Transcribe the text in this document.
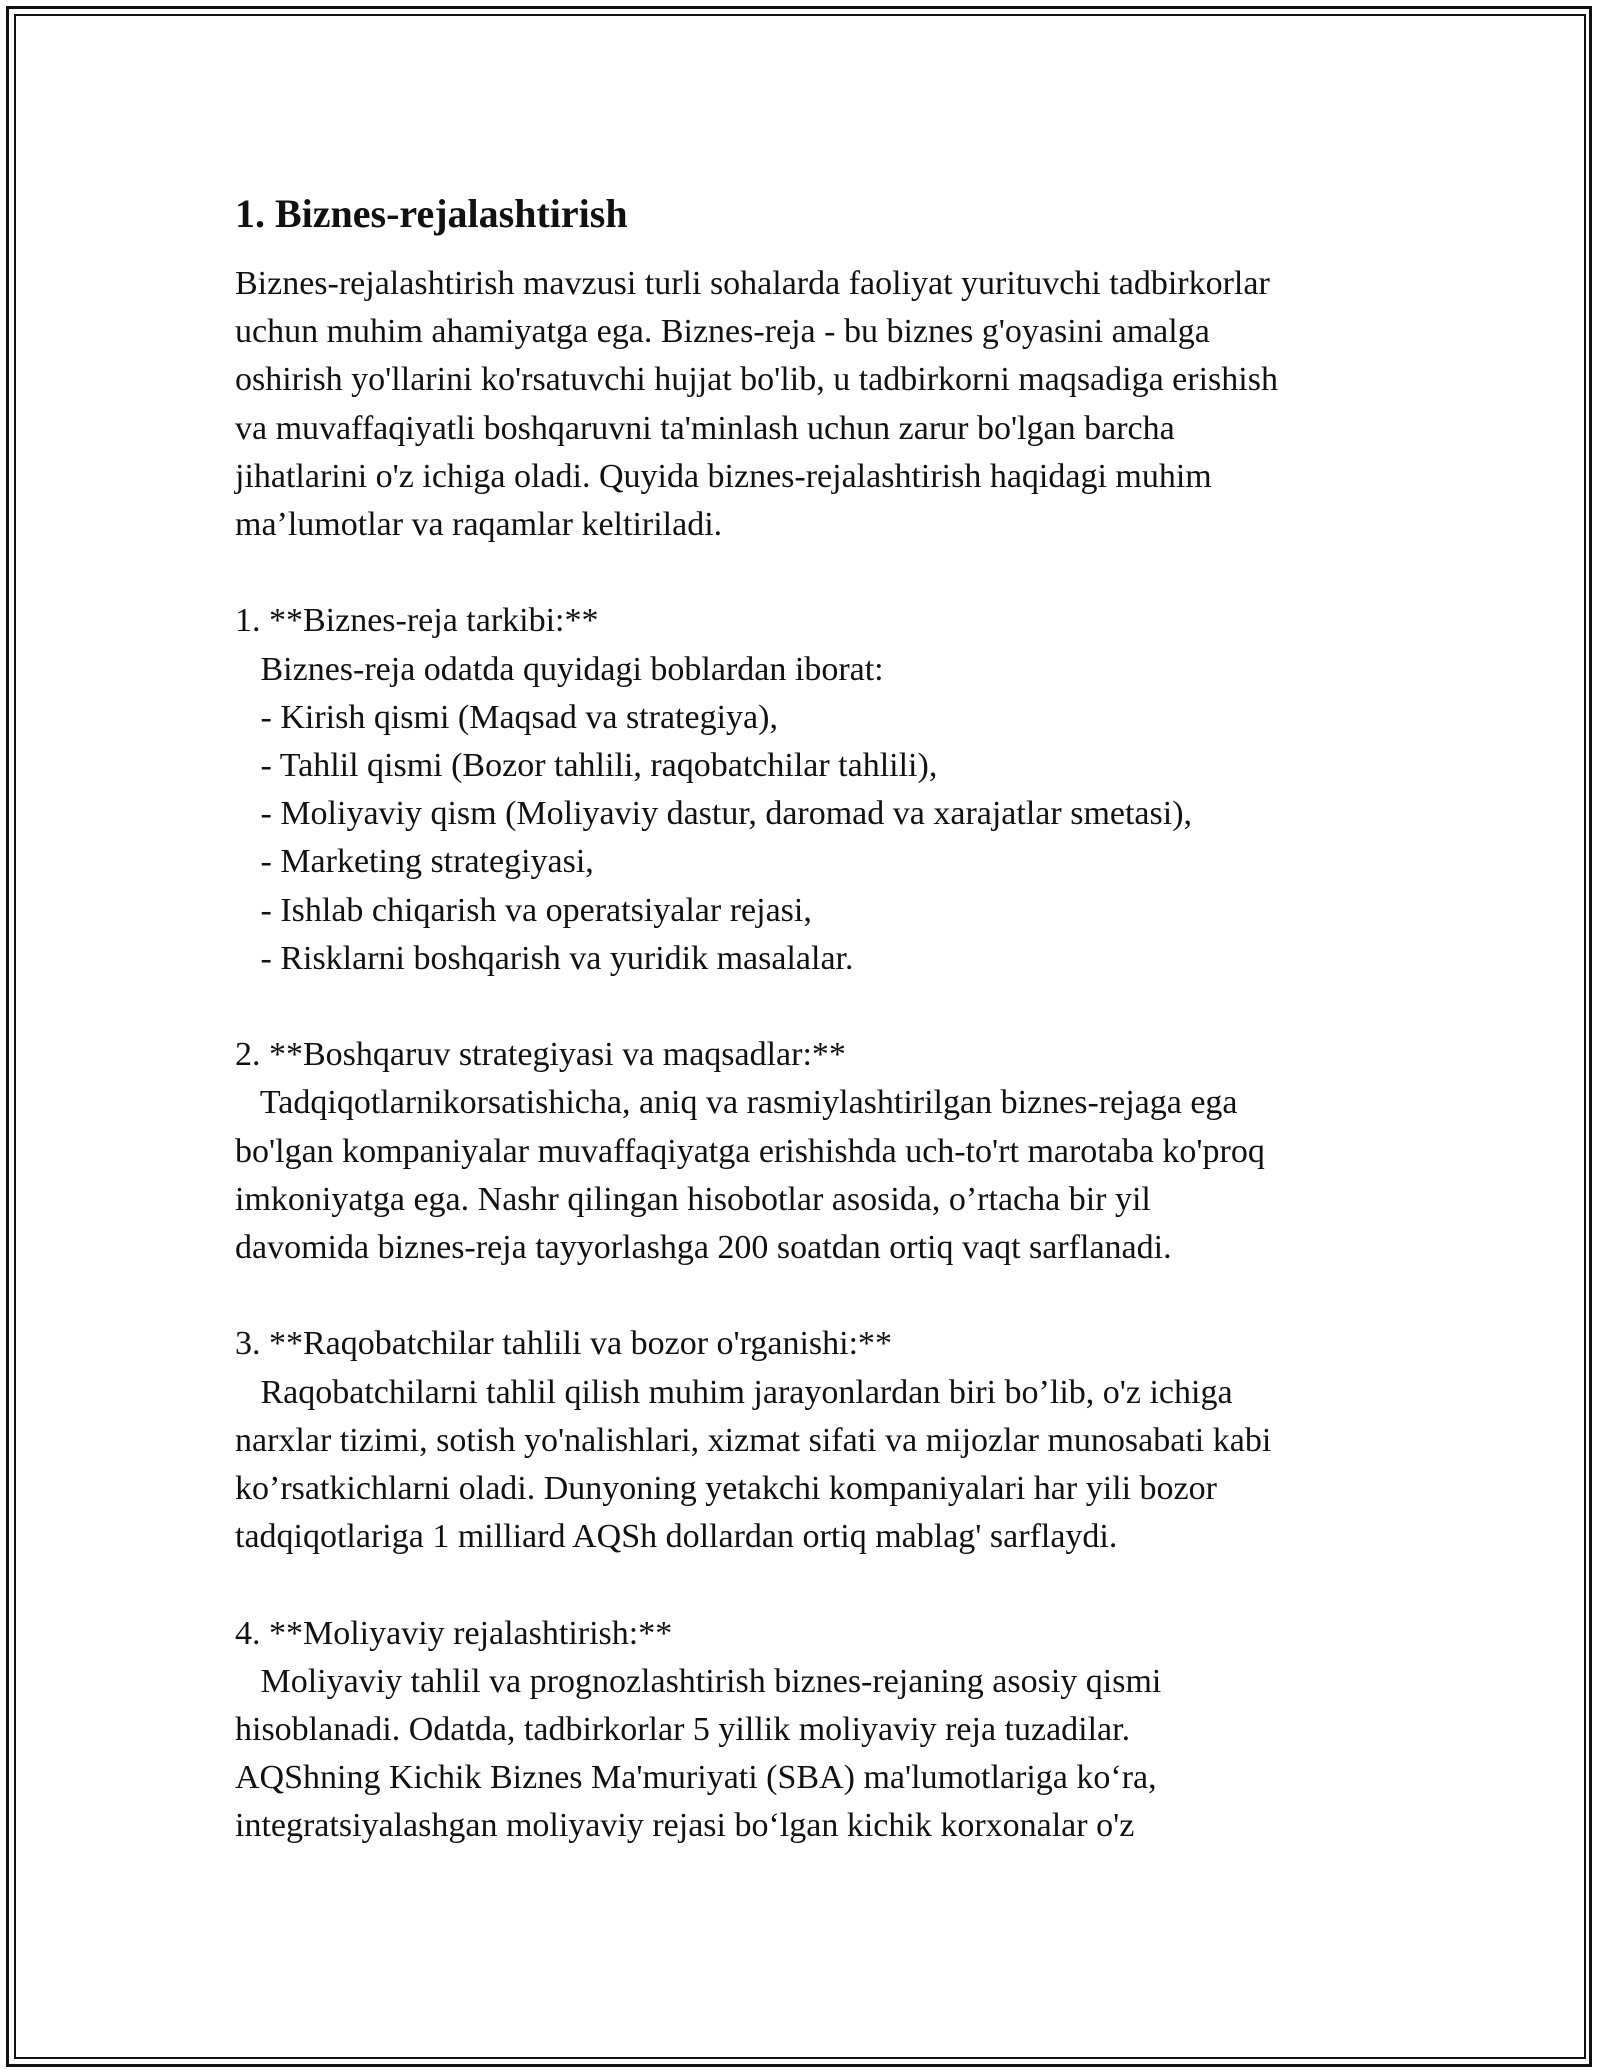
1. Biznes-rejalashtirish
Biznes-rejalashtirish mavzusi turli sohalarda faoliyat yurituvchi tadbirkorlar
uchun muhim ahamiyatga ega. Biznes-reja - bu biznes g'oyasini amalga
oshirish yo'llarini ko'rsatuvchi hujjat bo'lib, u tadbirkorni maqsadiga erishish
va muvaffaqiyatli boshqaruvni ta'minlash uchun zarur bo'lgan barcha
jihatlarini o'z ichiga oladi. Quyida biznes-rejalashtirish haqidagi muhim
ma’lumotlar va raqamlar keltiriladi.
1. **Biznes-reja tarkibi:**
Biznes-reja odatda quyidagi boblardan iborat:
- Kirish qismi (Maqsad va strategiya),
- Tahlil qismi (Bozor tahlili, raqobatchilar tahlili),
- Moliyaviy qism (Moliyaviy dastur, daromad va xarajatlar smetasi),
- Marketing strategiyasi,
- Ishlab chiqarish va operatsiyalar rejasi,
- Risklarni boshqarish va yuridik masalalar.
2. **Boshqaruv strategiyasi va maqsadlar:**
Tadqiqotlarnikorsatishicha, aniq va rasmiylashtirilgan biznes-rejaga ega
bo'lgan kompaniyalar muvaffaqiyatga erishishda uch-to'rt marotaba ko'proq
imkoniyatga ega. Nashr qilingan hisobotlar asosida, o’rtacha bir yil
davomida biznes-reja tayyorlashga 200 soatdan ortiq vaqt sarflanadi.
3. **Raqobatchilar tahlili va bozor o'rganishi:**
Raqobatchilarni tahlil qilish muhim jarayonlardan biri bo’lib, o'z ichiga
narxlar tizimi, sotish yo'nalishlari, xizmat sifati va mijozlar munosabati kabi
ko’rsatkichlarni oladi. Dunyoning yetakchi kompaniyalari har yili bozor
tadqiqotlariga 1 milliard AQSh dollardan ortiq mablag' sarflaydi.
4. **Moliyaviy rejalashtirish:**
Moliyaviy tahlil va prognozlashtirish biznes-rejaning asosiy qismi
hisoblanadi. Odatda, tadbirkorlar 5 yillik moliyaviy reja tuzadilar.
AQShning Kichik Biznes Ma'muriyati (SBA) ma'lumotlariga ko‘ra,
integratsiyalashgan moliyaviy rejasi bo‘lgan kichik korxonalar o'z
